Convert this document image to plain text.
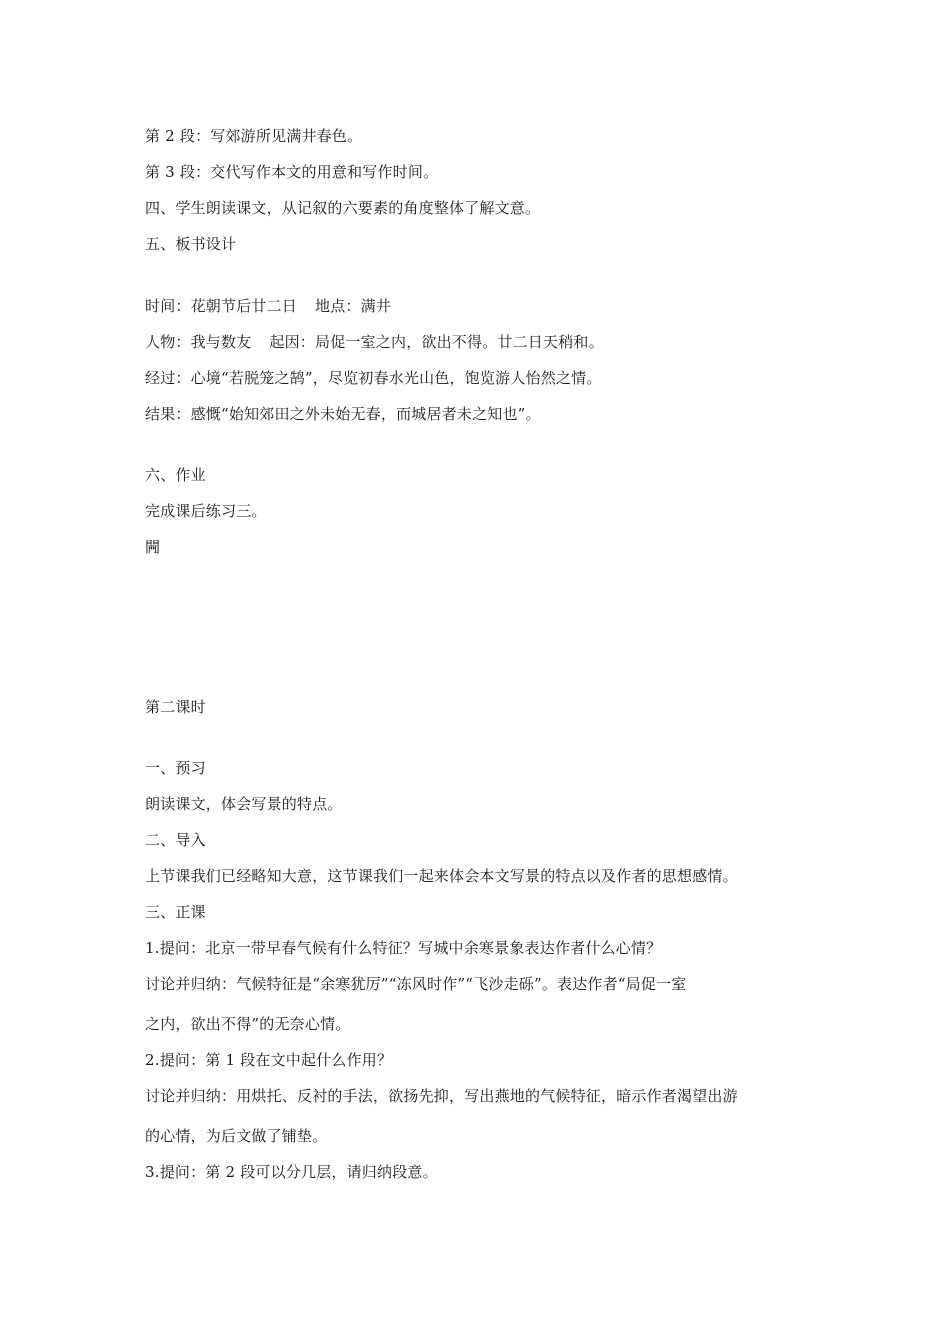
第 2 段：写郊游所见满井春色。
第 3 段：交代写作本文的用意和写作时间。
四、学生朗读课文，从记叙的六要素的角度整体了解文意。
五、板书设计
时间：花朝节后廿二日 地点：满井
人物：我与数友 起因：局促一室之内，欲出不得。廿二日天稍和。
经过：心境“若脱笼之鹄”，尽览初春水光山色，饱览游人怡然之情。
结果：感慨“始知郊田之外未始无春，而城居者未之知也”。
六、作业
完成课后练习三。
闁
第二课时
一、预习
朗读课文，体会写景的特点。
二、导入
上节课我们已经略知大意，这节课我们一起来体会本文写景的特点以及作者的思想感情。
三、正课
1.提问：北京一带早春气候有什么特征？写城中余寒景象表达作者什么心情？
讨论并归纳：气候特征是“余寒犹厉”“冻风时作”“飞沙走砾”。表达作者“局促一室
之内，欲出不得”的无奈心情。
2.提问：第 1 段在文中起什么作用？
讨论并归纳：用烘托、反衬的手法，欲扬先抑，写出燕地的气候特征，暗示作者渴望出游
的心情，为后文做了铺垫。
3.提问：第 2 段可以分几层，请归纳段意。
